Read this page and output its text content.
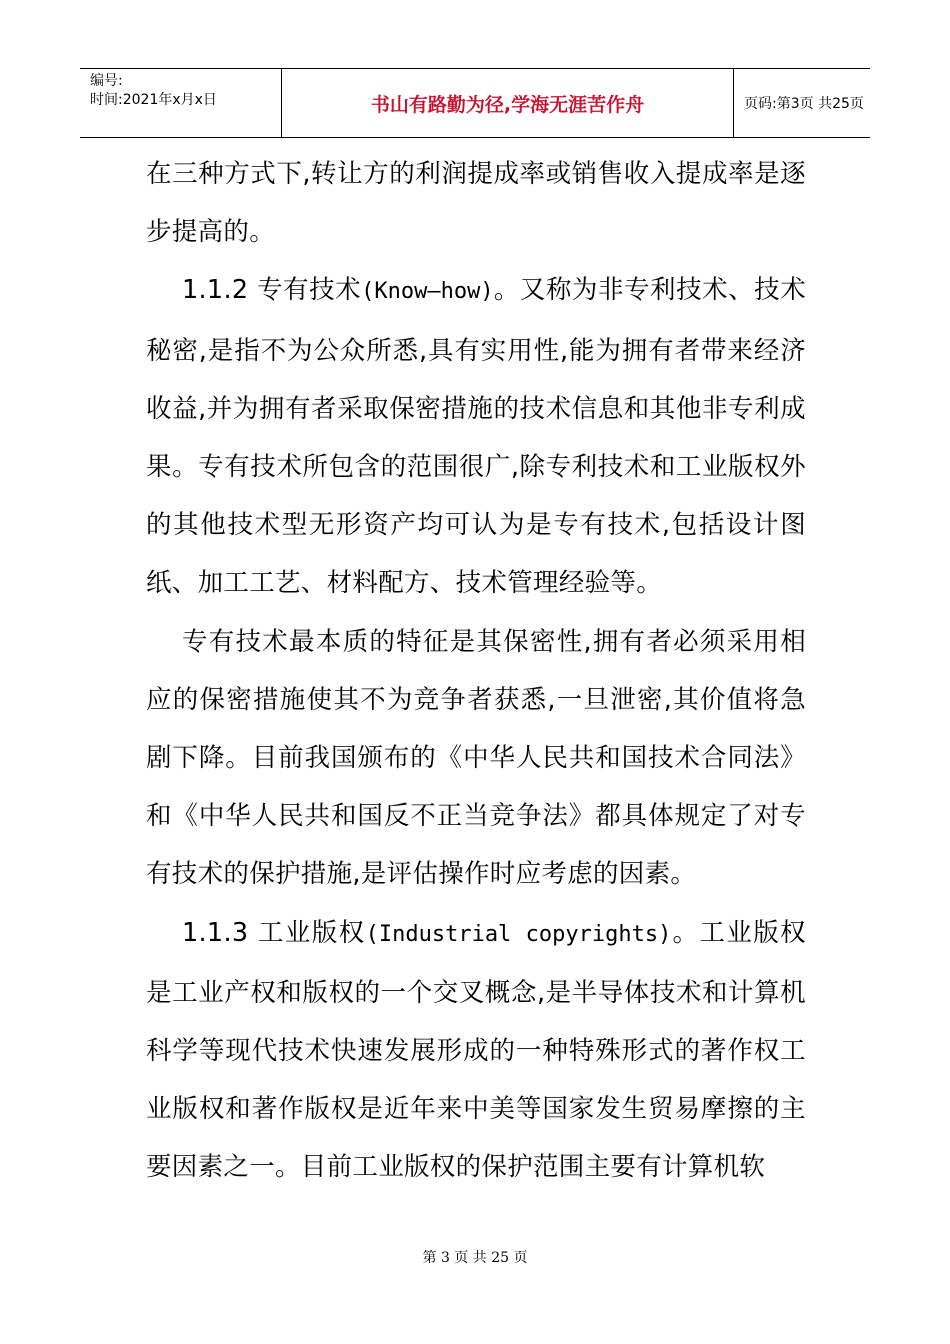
编号:
时间:2021年x月x日	书山有路勤为径,学海无涯苦作舟	页码:第3页 共25页

在三种方式下,转让方的利润提成率或销售收入提成率是逐步提高的。

1.1.2 专有技术(Know—how)。又称为非专利技术、技术秘密,是指不为公众所悉,具有实用性,能为拥有者带来经济收益,并为拥有者采取保密措施的技术信息和其他非专利成果。专有技术所包含的范围很广,除专利技术和工业版权外的其他技术型无形资产均可认为是专有技术,包括设计图纸、加工工艺、材料配方、技术管理经验等。

专有技术最本质的特征是其保密性,拥有者必须采用相应的保密措施使其不为竞争者获悉,一旦泄密,其价值将急剧下降。目前我国颁布的《中华人民共和国技术合同法》和《中华人民共和国反不正当竞争法》都具体规定了对专有技术的保护措施,是评估操作时应考虑的因素。

1.1.3 工业版权(Industrial copyrights)。工业版权是工业产权和版权的一个交叉概念,是半导体技术和计算机科学等现代技术快速发展形成的一种特殊形式的著作权工业版权和著作版权是近年来中美等国家发生贸易摩擦的主要因素之一。目前工业版权的保护范围主要有计算机软

第 3 页 共 25 页
